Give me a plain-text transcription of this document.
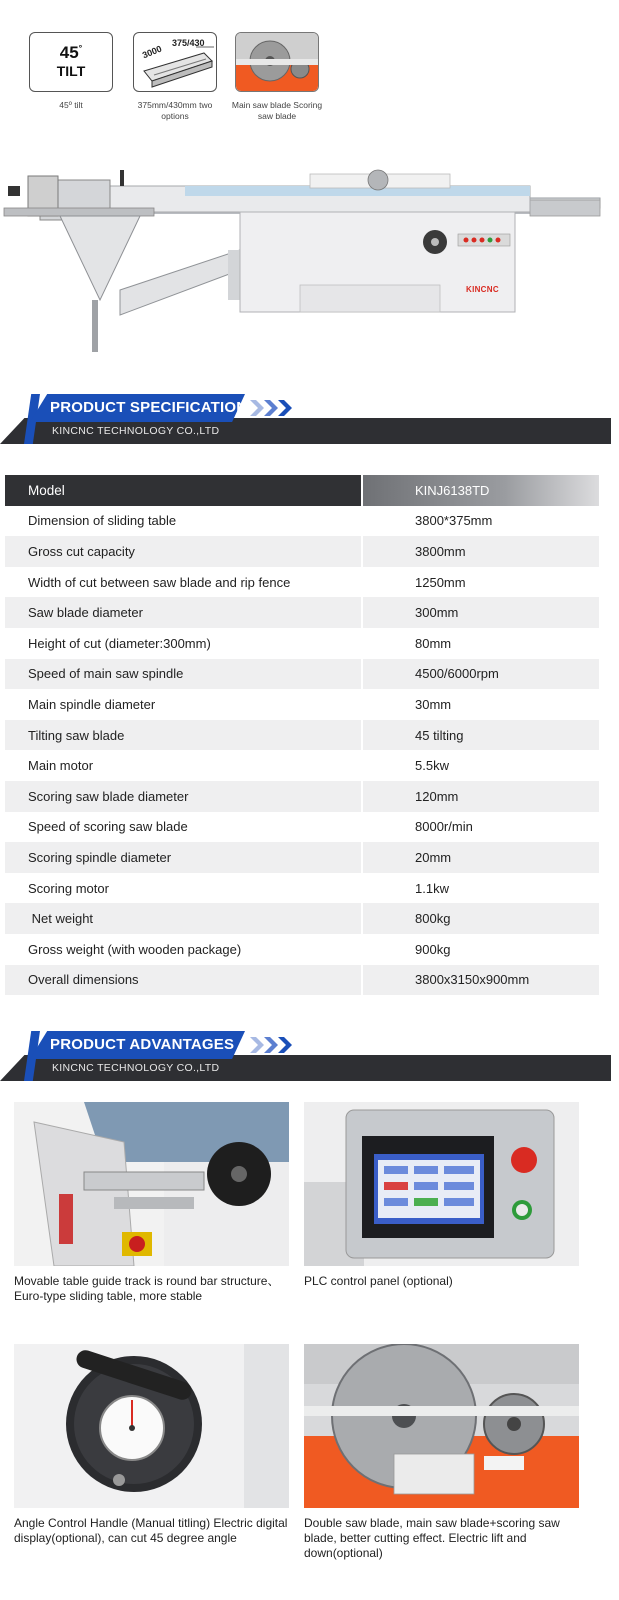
45°
TILT
45º tilt
3000
375/430
375mm/430mm two options
Main saw blade Scoring saw blade
KINCNC
PRODUCT SPECIFICATION
KINCNC TECHNOLOGY CO.,LTD
Model	KINJ6138TD
Dimension of sliding table	3800*375mm
Gross cut capacity	3800mm
Width of cut between saw blade and rip fence	1250mm
Saw blade diameter	300mm
Height of cut (diameter:300mm)	80mm
Speed of main saw spindle	4500/6000rpm
Main spindle diameter	30mm
Tilting saw blade	45 tilting
Main motor	5.5kw
Scoring saw blade diameter	120mm
Speed of scoring saw blade	8000r/min
Scoring spindle diameter	20mm
Scoring motor	1.1kw
Net weight	800kg
Gross weight (with wooden package)	900kg
Overall dimensions	3800x3150x900mm
PRODUCT ADVANTAGES
KINCNC TECHNOLOGY CO.,LTD
Movable table guide track is round bar structure、Euro-type sliding table, more stable
PLC control panel (optional)
Angle Control Handle (Manual titling) Electric digital display(optional), can cut 45 degree angle
Double saw blade, main saw blade+scoring saw blade, better cutting effect. Electric lift and down(optional)
